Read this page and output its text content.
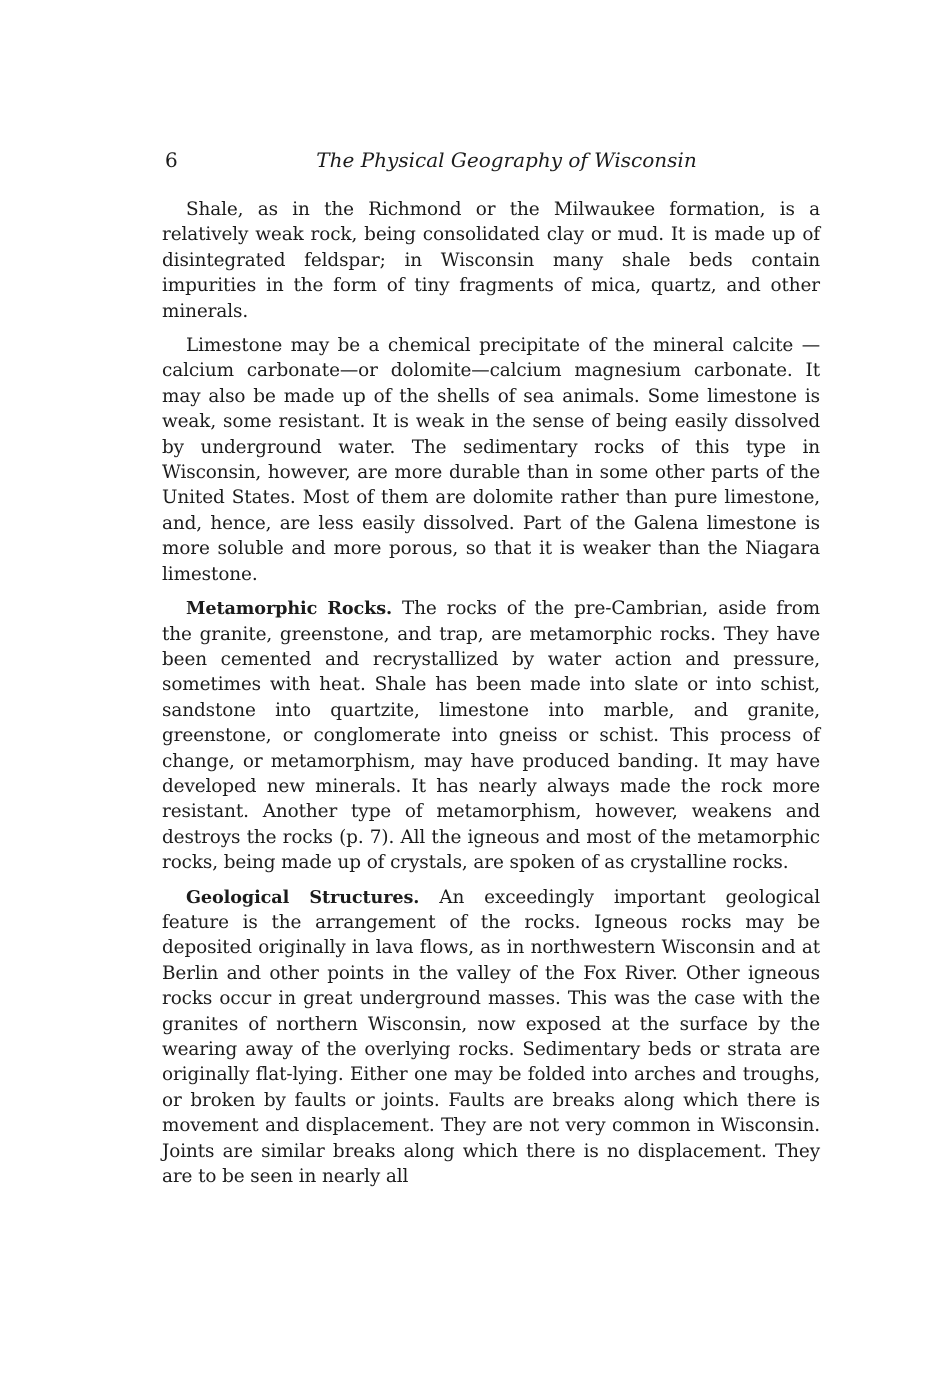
6	The Physical Geography of Wisconsin

Shale, as in the Richmond or the Milwaukee formation, is a relatively weak rock, being consolidated clay or mud. It is made up of disintegrated feldspar; in Wisconsin many shale beds contain impurities in the form of tiny fragments of mica, quartz, and other minerals.

Limestone may be a chemical precipitate of the mineral calcite —calcium carbonate—or dolomite—calcium magnesium carbonate. It may also be made up of the shells of sea animals. Some limestone is weak, some resistant. It is weak in the sense of being easily dissolved by underground water. The sedimentary rocks of this type in Wisconsin, however, are more durable than in some other parts of the United States. Most of them are dolomite rather than pure limestone, and, hence, are less easily dissolved. Part of the Galena limestone is more soluble and more porous, so that it is weaker than the Niagara limestone.

Metamorphic Rocks. The rocks of the pre-Cambrian, aside from the granite, greenstone, and trap, are metamorphic rocks. They have been cemented and recrystallized by water action and pressure, sometimes with heat. Shale has been made into slate or into schist, sandstone into quartzite, limestone into marble, and granite, greenstone, or conglomerate into gneiss or schist. This process of change, or metamorphism, may have produced banding. It may have developed new minerals. It has nearly always made the rock more resistant. Another type of metamorphism, however, weakens and destroys the rocks (p. 7). All the igneous and most of the metamorphic rocks, being made up of crystals, are spoken of as crystalline rocks.

Geological Structures. An exceedingly important geological feature is the arrangement of the rocks. Igneous rocks may be deposited originally in lava flows, as in northwestern Wisconsin and at Berlin and other points in the valley of the Fox River. Other igneous rocks occur in great underground masses. This was the case with the granites of northern Wisconsin, now exposed at the surface by the wearing away of the overlying rocks. Sedimentary beds or strata are originally flat-lying. Either one may be folded into arches and troughs, or broken by faults or joints. Faults are breaks along which there is movement and displacement. They are not very common in Wisconsin. Joints are similar breaks along which there is no displacement. They are to be seen in nearly all
